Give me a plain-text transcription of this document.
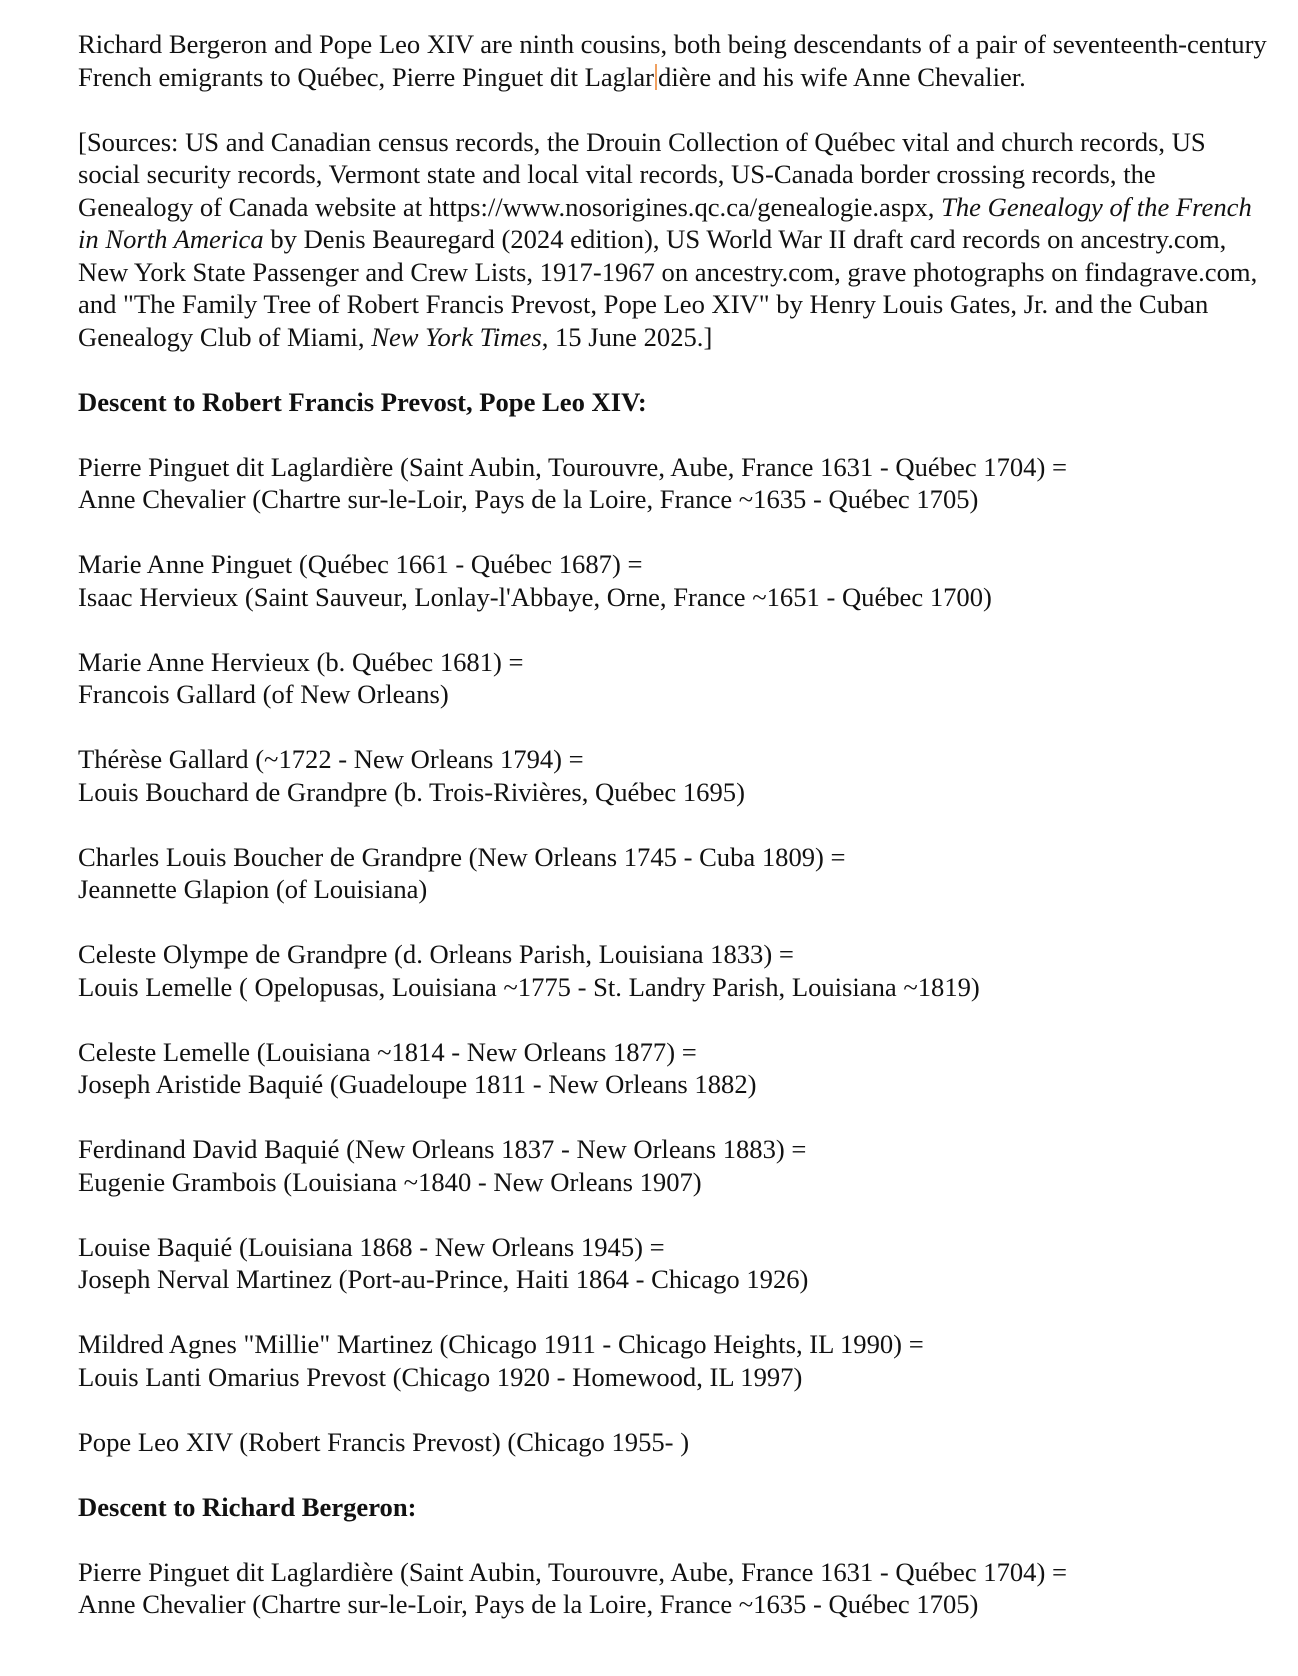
Richard Bergeron and Pope Leo XIV are ninth cousins, both being descendants of a pair of seventeenth-century French emigrants to Québec, Pierre Pinguet dit Laglar dière and his wife Anne Chevalier.

[Sources: US and Canadian census records, the Drouin Collection of Québec vital and church records, US social security records, Vermont state and local vital records, US-Canada border crossing records, the Genealogy of Canada website at https://www.nosorigines.qc.ca/genealogie.aspx, The Genealogy of the French in North America by Denis Beauregard (2024 edition), US World War II draft card records on ancestry.com, New York State Passenger and Crew Lists, 1917-1967 on ancestry.com, grave photographs on findagrave.com, and "The Family Tree of Robert Francis Prevost, Pope Leo XIV" by Henry Louis Gates, Jr. and the Cuban Genealogy Club of Miami, New York Times, 15 June 2025.]

Descent to Robert Francis Prevost, Pope Leo XIV:
Pierre Pinguet dit Laglardière (Saint Aubin, Tourouvre, Aube, France 1631 - Québec 1704) =
Anne Chevalier (Chartre sur-le-Loir, Pays de la Loire, France ~1635 - Québec 1705)
Marie Anne Pinguet (Québec 1661 - Québec 1687) =
Isaac Hervieux (Saint Sauveur, Lonlay-l'Abbaye, Orne, France ~1651 - Québec 1700)
Marie Anne Hervieux (b. Québec 1681) =
Francois Gallard (of New Orleans)
Thérèse Gallard (~1722 - New Orleans 1794) =
Louis Bouchard de Grandpre (b. Trois-Rivières, Québec 1695)
Charles Louis Boucher de Grandpre (New Orleans 1745 - Cuba 1809) =
Jeannette Glapion (of Louisiana)
Celeste Olympe de Grandpre (d. Orleans Parish, Louisiana 1833) =
Louis Lemelle ( Opelopusas, Louisiana ~1775 - St. Landry Parish, Louisiana ~1819)
Celeste Lemelle (Louisiana ~1814 - New Orleans 1877) =
Joseph Aristide Baquié (Guadeloupe 1811 - New Orleans 1882)
Ferdinand David Baquié (New Orleans 1837 - New Orleans 1883) =
Eugenie Grambois (Louisiana ~1840 - New Orleans 1907)
Louise Baquié (Louisiana 1868 - New Orleans 1945) =
Joseph Nerval Martinez (Port-au-Prince, Haiti 1864 - Chicago 1926)
Mildred Agnes "Millie" Martinez (Chicago 1911 - Chicago Heights, IL 1990) =
Louis Lanti Omarius Prevost (Chicago 1920 - Homewood, IL 1997)
Pope Leo XIV (Robert Francis Prevost) (Chicago 1955- )
Descent to Richard Bergeron:
Pierre Pinguet dit Laglardière (Saint Aubin, Tourouvre, Aube, France 1631 - Québec 1704) =
Anne Chevalier (Chartre sur-le-Loir, Pays de la Loire, France ~1635 - Québec 1705)
